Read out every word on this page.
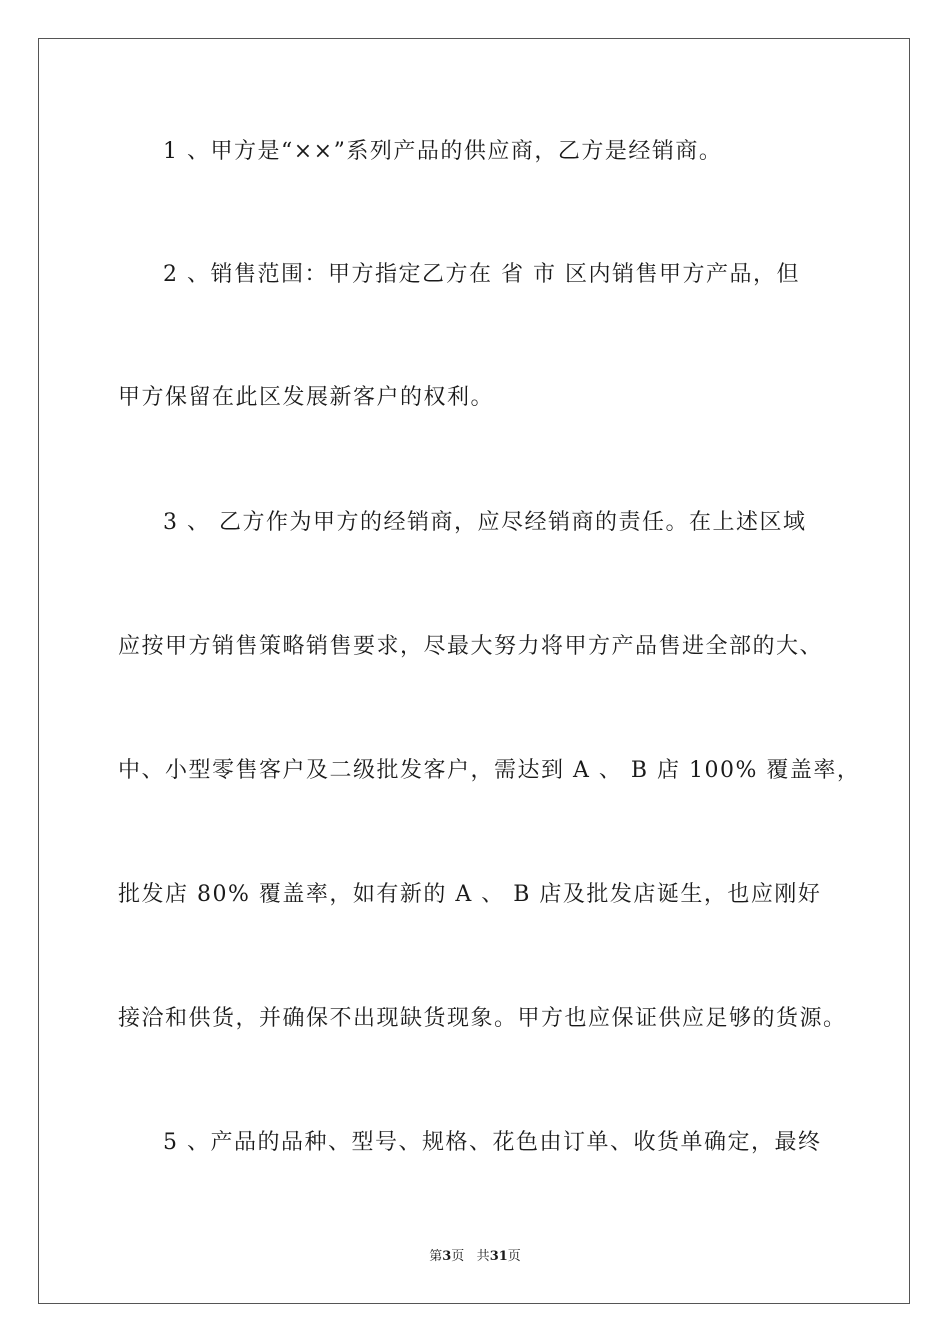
1 、甲方是“××”系列产品的供应商，乙方是经销商。
2 、销售范围：甲方指定乙方在 省 市 区内销售甲方产品，但
甲方保留在此区发展新客户的权利。
3 、 乙方作为甲方的经销商，应尽经销商的责任。在上述区域
应按甲方销售策略销售要求，尽最大努力将甲方产品售进全部的大、
中、小型零售客户及二级批发客户，需达到 A 、 B 店 100% 覆盖率，
批发店 80% 覆盖率，如有新的 A 、 B 店及批发店诞生，也应刚好
接洽和供货，并确保不出现缺货现象。甲方也应保证供应足够的货源。
5 、产品的品种、型号、规格、花色由订单、收货单确定，最终
第3页 共31页
